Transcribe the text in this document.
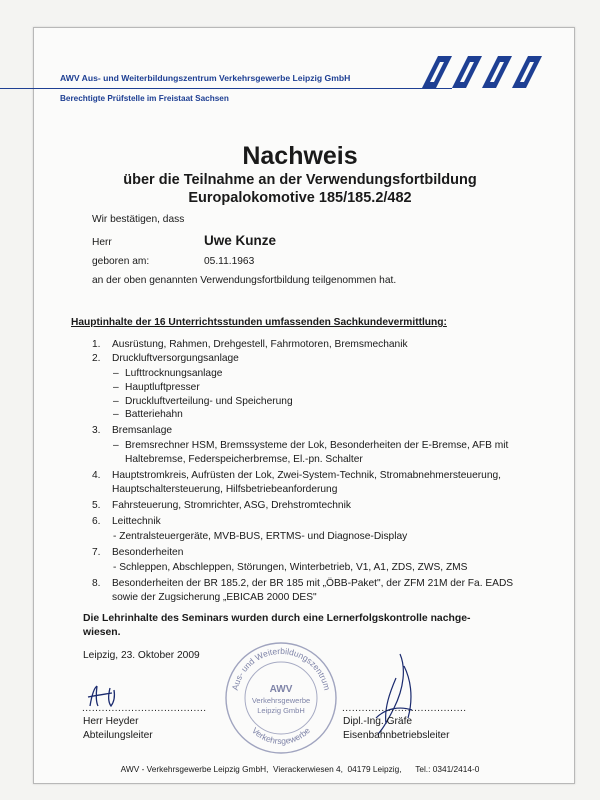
AWV Aus- und Weiterbildungszentrum Verkehrsgewerbe Leipzig GmbH
Berechtigte Prüfstelle im Freistaat Sachsen
Nachweis
über die Teilnahme an der Verwendungsfortbildung
Europalokomotive 185/185.2/482
Wir bestätigen, dass
Herr	Uwe Kunze
geboren am:	05.11.1963
an der oben genannten Verwendungsfortbildung teilgenommen hat.
Hauptinhalte der 16 Unterrichtsstunden umfassenden Sachkundevermittlung:
1. Ausrüstung, Rahmen, Drehgestell, Fahrmotoren, Bremsmechanik
2. Druckluftversorgungsanlage
– Lufttrocknungsanlage
– Hauptluftpresser
– Druckluftverteilung- und Speicherung
– Batteriehahn
3. Bremsanlage
– Bremsrechner HSM, Bremssysteme der Lok, Besonderheiten der E-Bremse, AFB mit
Haltebremse, Federspeicherbremse, El.-pn. Schalter
4. Hauptstromkreis, Aufrüsten der Lok, Zwei-System-Technik, Stromabnehmersteuerung,
Hauptschaltersteuerung, Hilfsbetriebeanforderung
5. Fahrsteuerung, Stromrichter, ASG, Drehstromtechnik
6. Leittechnik
- Zentralsteuergeräte, MVB-BUS, ERTMS- und Diagnose-Display
7. Besonderheiten
- Schleppen, Abschleppen, Störungen, Winterbetrieb, V1, A1, ZDS, ZWS, ZMS
8. Besonderheiten der BR 185.2, der BR 185 mit „ÖBB-Paket", der ZFM 21M der Fa. EADS
sowie der Zugsicherung „EBICAB 2000 DES"
Die Lehrinhalte des Seminars wurden durch eine Lernerfolgskontrolle nachge-
wiesen.
Leipzig, 23. Oktober 2009
Aus- und Weiterbildungszentrum
Verkehrsgewerbe
AWV
Verkehrsgewerbe
Leipzig GmbH
......................................
Herr Heyder
Abteilungsleiter
......................................
Dipl.-Ing. Gräfe
Eisenbahnbetriebsleiter
AWV - Verkehrsgewerbe Leipzig GmbH,  Vierackerwiesen 4,  04179 Leipzig,      Tel.: 0341/2414-0
